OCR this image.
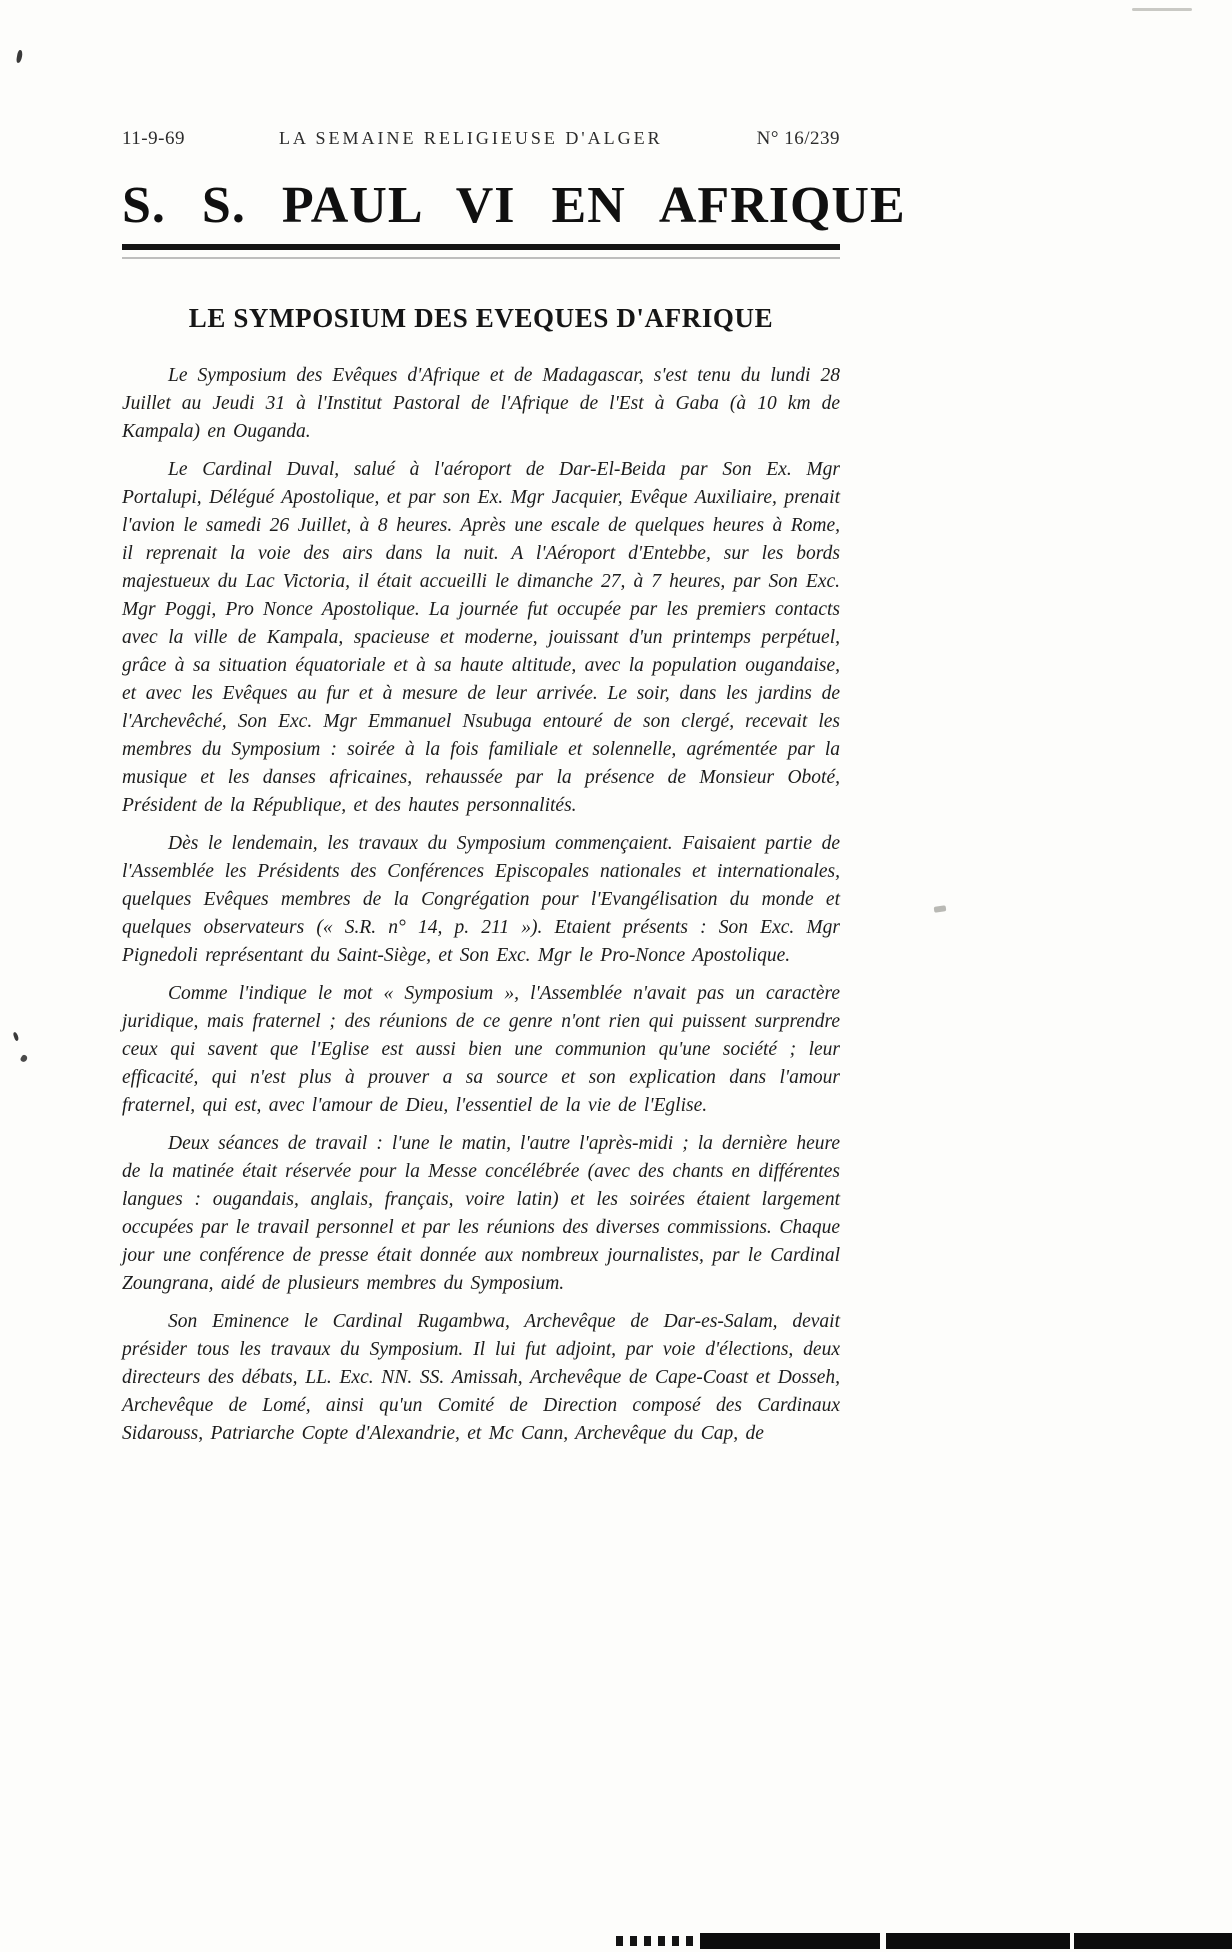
11-9-69	LA SEMAINE RELIGIEUSE D'ALGER	N° 16/239
S. S. PAUL VI EN AFRIQUE
LE SYMPOSIUM DES EVEQUES D'AFRIQUE

Le Symposium des Evêques d'Afrique et de Madagascar, s'est tenu du lundi 28 Juillet au Jeudi 31 à l'Institut Pastoral de l'Afrique de l'Est à Gaba (à 10 km de Kampala) en Ouganda.

Le Cardinal Duval, salué à l'aéroport de Dar-El-Beida par Son Ex. Mgr Portalupi, Délégué Apostolique, et par son Ex. Mgr Jacquier, Evêque Auxiliaire, prenait l'avion le samedi 26 Juillet, à 8 heures. Après une escale de quelques heures à Rome, il reprenait la voie des airs dans la nuit. A l'Aéroport d'Entebbe, sur les bords majestueux du Lac Victoria, il était accueilli le dimanche 27, à 7 heures, par Son Exc. Mgr Poggi, Pro Nonce Apostolique. La journée fut occupée par les premiers contacts avec la ville de Kampala, spacieuse et moderne, jouissant d'un printemps perpétuel, grâce à sa situation équatoriale et à sa haute altitude, avec la population ougandaise, et avec les Evêques au fur et à mesure de leur arrivée. Le soir, dans les jardins de l'Archevêché, Son Exc. Mgr Emmanuel Nsubuga entouré de son clergé, recevait les membres du Symposium : soirée à la fois familiale et solennelle, agrémentée par la musique et les danses africaines, rehaussée par la présence de Monsieur Oboté, Président de la République, et des hautes personnalités.

Dès le lendemain, les travaux du Symposium commençaient. Faisaient partie de l'Assemblée les Présidents des Conférences Episcopales nationales et internationales, quelques Evêques membres de la Congrégation pour l'Evangélisation du monde et quelques observateurs (« S.R. n° 14, p. 211 »). Etaient présents : Son Exc. Mgr Pignedoli représentant du Saint-Siège, et Son Exc. Mgr le Pro-Nonce Apostolique.

Comme l'indique le mot « Symposium », l'Assemblée n'avait pas un caractère juridique, mais fraternel ; des réunions de ce genre n'ont rien qui puissent surprendre ceux qui savent que l'Eglise est aussi bien une communion qu'une société ; leur efficacité, qui n'est plus à prouver a sa source et son explication dans l'amour fraternel, qui est, avec l'amour de Dieu, l'essentiel de la vie de l'Eglise.

Deux séances de travail : l'une le matin, l'autre l'après-midi ; la dernière heure de la matinée était réservée pour la Messe concélébrée (avec des chants en différentes langues : ougandais, anglais, français, voire latin) et les soirées étaient largement occupées par le travail personnel et par les réunions des diverses commissions. Chaque jour une conférence de presse était donnée aux nombreux journalistes, par le Cardinal Zoungrana, aidé de plusieurs membres du Symposium.

Son Eminence le Cardinal Rugambwa, Archevêque de Dar-es-Salam, devait présider tous les travaux du Symposium. Il lui fut adjoint, par voie d'élections, deux directeurs des débats, LL. Exc. NN. SS. Amissah, Archevêque de Cape-Coast et Dosseh, Archevêque de Lomé, ainsi qu'un Comité de Direction composé des Cardinaux Sidarouss, Patriarche Copte d'Alexandrie, et Mc Cann, Archevêque du Cap, de
